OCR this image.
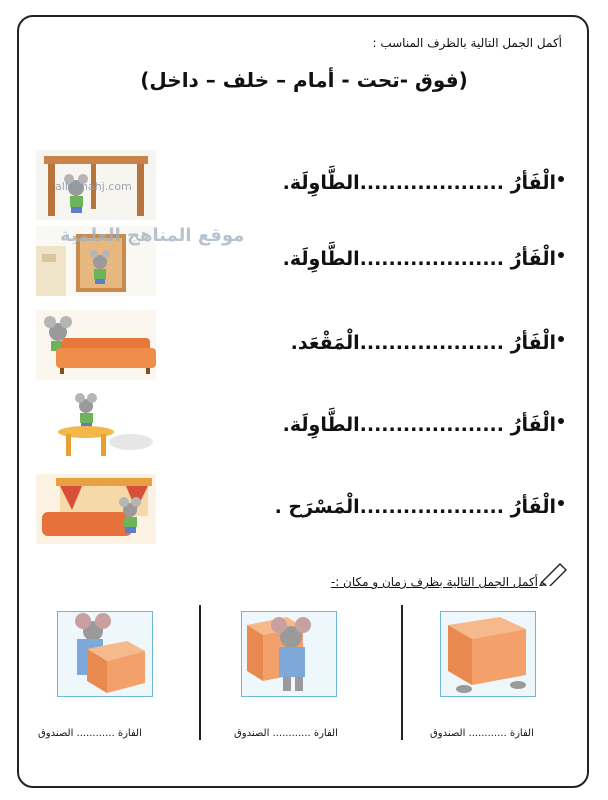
أكمل الجمل التالية بالظرف المناسب :
(فوق -تحت - أمام – خلف – داخل)
الْفَأرُ ....................الطَّاوِلَة.
الْفَأرُ ....................الطَّاوِلَة.
الْفَأرُ ....................الْمَقْعَد.
الْفَأرُ ....................الطَّاوِلَة.
الْفَأرُ ....................الْمَسْرَح .
alManahj.com
موقع المناهج العلمية
أكمل الجمل التالية بظرف زمان و مكان :-
الفارة ............ الصندوق	الفارة ............ الصندوق	الفارة ............ الصندوق
